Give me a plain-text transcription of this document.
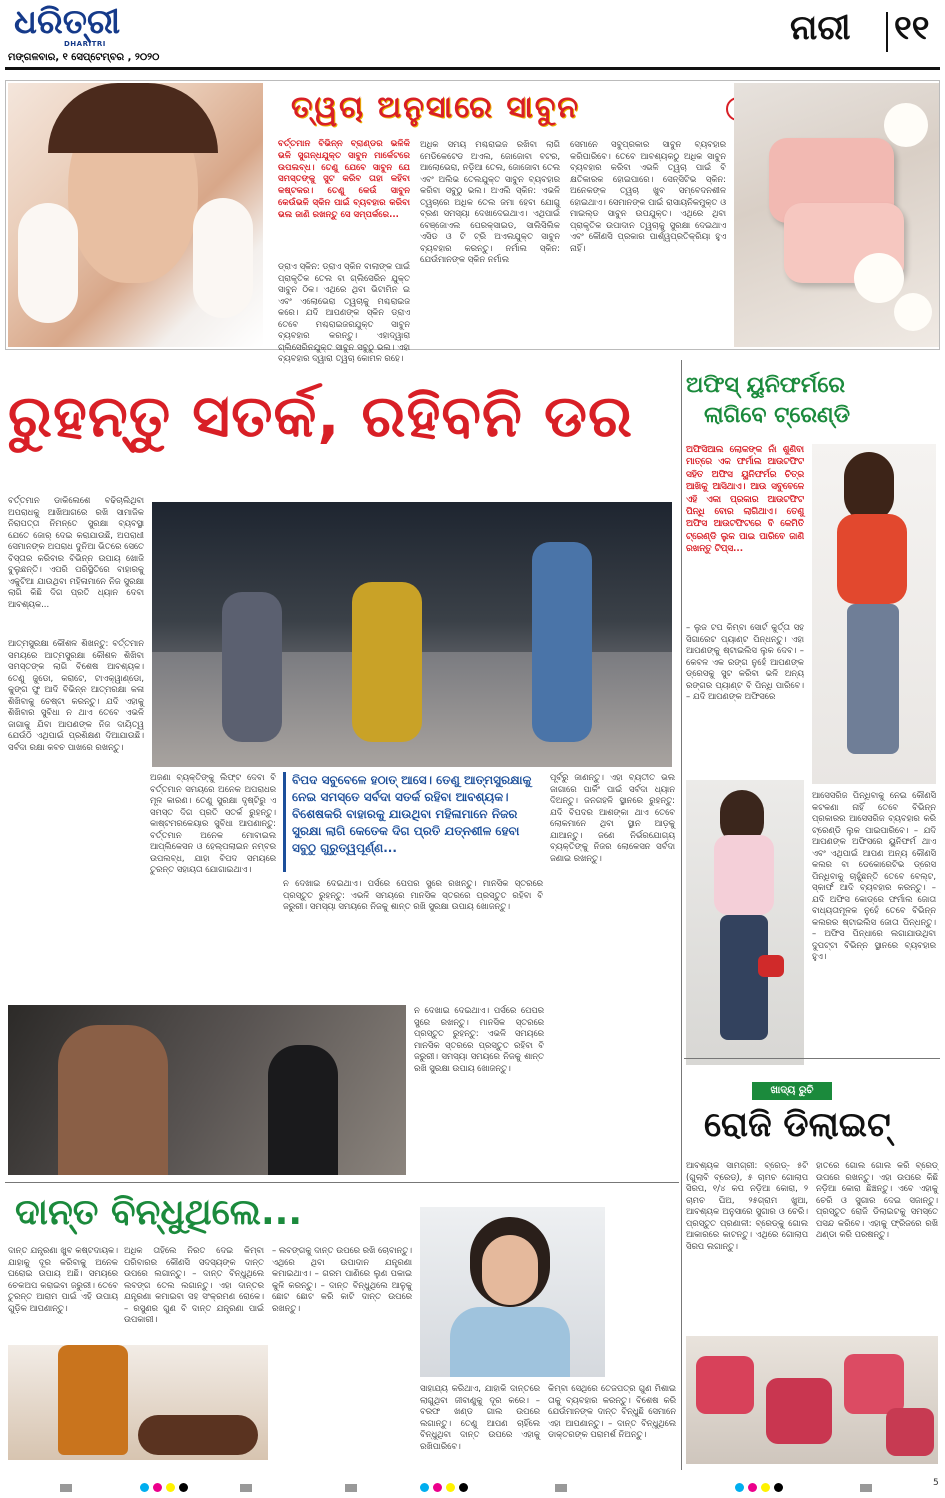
ଧରିତ୍ରୀ
DHARITRI
ମଙ୍ଗଳବାର, ୧ ସେପ୍ଟେମ୍ବର , ୨୦୨୦
ନାରୀ ୧୧
ତ୍ୱଚା ଅନୁସାରେ ସାବୁନ
ବର୍ତ୍ତମାନ ବିଭିନ୍ନ ବ୍ରାଣ୍ଡର ଭଳିକି ଭଳି ସୁଗନ୍ଧଯୁକ୍ତ ସାବୁନ ମାର୍କେଟରେ ଉପଲବ୍ଧ। ତେଣୁ ଯେବେ ସାବୁନ ଯେ ସମସ୍ତଙ୍କୁ ସୁଟ କରିବ ତାହା କହିବା କଷ୍ଟକର। ତେଣୁ କେଉଁ ସାବୁନ କେଉଁଭଳି ସ୍କିନ ପାଇଁ ବ୍ୟବହାର କରିବା ଭଲ ଜାଣି ରଖନ୍ତୁ ସେ ସମ୍ପର୍କରେ...
ଡ୍ରାଏ ସ୍କିନ: ଡ୍ରାଏ ସ୍କିନ ବାଲାଙ୍କ ପାଇଁ ପ୍ରାକୃତିକ ତେଲ ବା ଗ୍ଲିସେରିନ ଯୁକ୍ତ ସାବୁନ ଠିକ। ଏଥିରେ ଥିବା ଭିଟାମିନ ଇ ଏବଂ ଏଲୋଭେରା ତ୍ୱଚାକୁ ମଶ୍ଚରାଇଜ କରେ। ଯଦି ଆପଣଙ୍କ ସ୍କିନ ଡ୍ରାଏ ତେବେ ମଶ୍ଚରାଇଜରଯୁକ୍ତ ସାବୁନ ବ୍ୟବହାର କରନ୍ତୁ। ଏହାଦ୍ୱାରା ଗ୍ଲିସେରିନଯୁକ୍ତ ସାବୁନ ସବୁଠୁ ଭଲ। ଏହା ବ୍ୟବହାର ଦ୍ୱାରା ତ୍ୱଚା କୋମଳ ରହେ।
ଅଧିକ ସମୟ ମଶ୍ଚରାଇଜ ରଖିବା ଲାଗି ମେଡିକେଟେଡ ଅଏଲ, ଜୋଜୋବା ବଟର, ଆଲୋଭେରା, ନଡ଼ିଆ ତେଲ, ଜୋଜୋବା ତେଲ ଏବଂ ଅଲିଭ ତେଲଯୁକ୍ତ ସାବୁନ ବ୍ୟବହାର କରିବା ସବୁଠୁ ଭଲ। ଅଏଲି ସ୍କିନ: ଏଭଳି ତ୍ୱଚାରେ ଅଧିକ ତେଲ ଜମା ହେବା ଯୋଗୁ ବ୍ରଣ ସମସ୍ୟା ଦେଖାଦେଇଥାଏ। ଏଥିପାଇଁ ବେଞ୍ଜୋଏଲ ପେରକ୍ସାଇଡ, ସାଲିସିଲିକ ଏସିଡ ଓ ଟି ଟ୍ରି ଅଏଲଯୁକ୍ତ ସାବୁନ ବ୍ୟବହାର କରନ୍ତୁ। ନର୍ମାଲ ସ୍କିନ: ଯେଉଁମାନଙ୍କ ସ୍କିନ ନର୍ମାଲ
ସେମାନେ ସବୁପ୍ରକାର ସାବୁନ ବ୍ୟବହାର କରିପାରିବେ। ତେବେ ଆବଶ୍ୟକଠୁ ଅଧିକ ସାବୁନ ବ୍ୟବହାର କରିବା ଏଭଳି ତ୍ୱଚା ପାଇଁ ବି କ୍ଷତିକାରକ ହୋଇପାରେ। ସେନ୍ସିଟିଭ ସ୍କିନ: ଅନେକଙ୍କ ତ୍ୱଚା ଖୁବ ସମ୍ବେଦନଶୀଳ ହୋଇଥାଏ। ସେମାନଙ୍କ ପାଇଁ ରାସାୟନିକମୁକ୍ତ ଓ ମାଇଲ୍ଡ ସାବୁନ ଉପଯୁକ୍ତ। ଏଥିରେ ଥିବା ପ୍ରାକୃତିକ ଉପାଦାନ ତ୍ୱଚାକୁ ସୁରକ୍ଷା ଦେଇଥାଏ ଏବଂ କୌଣସି ପ୍ରକାର ପାର୍ଶ୍ୱପ୍ରତିକ୍ରିୟା ହୁଏ ନାହିଁ।
ରୁହନ୍ତୁ ସତର୍କ, ରହିବନି ଡର
ବର୍ତ୍ତମାନ ଡାକିଲେଶେ ବଢିଚାଲିଥିବା ଅପରାଧକୁ ଆଖିଆଗରେ ରଖି ସାମାଜିକ ନିରାପତ୍ତା ନିମନ୍ତେ ସୁରକ୍ଷା ବ୍ୟବସ୍ଥା ଯେତେ ଜୋର୍ ଦେଇ କରାଯାଉଛି, ଅପରାଧୀ ସେମାନଙ୍କ ଅପରାଧ ଦୁନିଆ ଭିତରେ ସେତେ ବିସ୍ତାର କରିବାର ବିଭିନ୍ନ ଉପାୟ ଖୋଜି ବୁଲୁଛନ୍ତି। ଏପରି ପରିସ୍ଥିତିରେ ବାହାରକୁ ଏକୁଟିଆ ଯାଉଥିବା ମହିଳାମାନେ ନିଜ ସୁରକ୍ଷା ଲାଗି କିଛି ଦିଗ ପ୍ରତି ଧ୍ୟାନ ଦେବା ଆବଶ୍ୟକ...
ଆତ୍ମସୁରକ୍ଷା କୌଶଳ ଶିଖନ୍ତୁ: ବର୍ତ୍ତମାନ ସମୟରେ ଆତ୍ମସୁରକ୍ଷା କୌଶଳ ଶିଖିବା ସମସ୍ତଙ୍କ ଲାଗି ବିଶେଷ ଆବଶ୍ୟକ। ତେଣୁ ଜୁଡୋ, କରାଟେ, ଟାଏକ୍ୱାଣ୍ଡୋ, କୁଙ୍ଗ ଫୁ ଆଦି ବିଭିନ୍ନ ଆତ୍ମରକ୍ଷା କଳା ଶିଖିବାକୁ ଚେଷ୍ଟା କରନ୍ତୁ। ଯଦି ଏହାକୁ ଶିଖିବାର ସୁବିଧା ନ ଥାଏ ତେବେ ଏଭଳି ଜାଗାକୁ ଯିବା ଆପଣଙ୍କ ନିଜ ଦାୟିତ୍ୱ ଯେଉଁଠି ଏଥିପାଇଁ ପ୍ରଶିକ୍ଷଣ ଦିଆଯାଉଛି। ସର୍ବଦା ରକ୍ଷା କବଚ ପାଖରେ ରଖନ୍ତୁ।
ବିପଦ ସବୁବେଳେ ହଠାତ୍ ଆସେ। ତେଣୁ ଆତ୍ମସୁରକ୍ଷାକୁ ନେଇ ସମସ୍ତେ ସର୍ବଦା ସତର୍କ ରହିବା ଆବଶ୍ୟକ। ବିଶେଷକରି ବାହାରକୁ ଯାଉଥିବା ମହିଳାମାନେ ନିଜର ସୁରକ୍ଷା ଲାଗି କେତେକ ଦିଗ ପ୍ରତି ଯତ୍ନଶୀଳ ହେବା ସବୁଠୁ ଗୁରୁତ୍ୱପୂର୍ଣ୍ଣ...
ଅଜଣା ବ୍ୟକ୍ତିଙ୍କୁ ଲିଫ୍ଟ ଦେବା ବି ବର୍ତ୍ତମାନ ସମୟରେ ଅନେକ ଅପରାଧର ମୂଳ କାରଣ। ତେଣୁ ସୁରକ୍ଷା ଦୃଷ୍ଟିରୁ ଏ ସମସ୍ତ ଦିଗ ପ୍ରତି ସତର୍କ ରୁହନ୍ତୁ। କାଷ୍ଟମରକେୟାର ସୁବିଧା ଆପଣାନ୍ତୁ: ବର୍ତ୍ତମାନ ଅନେକ ମୋବାଇଲ ଆପ୍ଲିକେସନ ଓ ହେଲ୍ପଲାଇନ ନମ୍ବର ଉପଲବ୍ଧ, ଯାହା ବିପଦ ସମୟରେ ତୁରନ୍ତ ସହାୟତା ଯୋଗାଇଥାଏ।
ନ ଦେଖାଇ ଦେଇଥାଏ। ପର୍ସରେ ପେପର ସ୍ପ୍ରେ ରଖନ୍ତୁ। ମାନସିକ ସ୍ତରରେ ପ୍ରସ୍ତୁତ ରୁହନ୍ତୁ: ଏଭଳି ସମୟରେ ମାନସିକ ସ୍ତରରେ ପ୍ରସ୍ତୁତ ରହିବା ବି ଜରୁରୀ। ସମସ୍ୟା ସମୟରେ ନିଜକୁ ଶାନ୍ତ ରଖି ସୁରକ୍ଷା ଉପାୟ ଖୋଜନ୍ତୁ।
ପୂର୍ବରୁ ଜାଣନ୍ତୁ। ଏହା ବ୍ୟତୀତ ଭଲ ଜାଗାରେ ପାର୍କିଂ ପାଇଁ ସର୍ବଦା ଧ୍ୟାନ ଦିଅନ୍ତୁ। ଜନଗହଳି ସ୍ଥାନରେ ରୁହନ୍ତୁ: ଯଦି ବିପଦର ଆଶଙ୍କା ଥାଏ ତେବେ ଲୋକମାନେ ଥିବା ସ୍ଥାନ ଆଡ଼କୁ ଯାଆନ୍ତୁ। ଜଣେ ନିର୍ଭରଯୋଗ୍ୟ ବ୍ୟକ୍ତିଙ୍କୁ ନିଜର ଲୋକେସନ ସର୍ବଦା ଜଣାଇ ରଖନ୍ତୁ।
ନ ଦେଖାଇ ଦେଇଥାଏ। ପର୍ସରେ ପେପର ସ୍ପ୍ରେ ରଖନ୍ତୁ। ମାନସିକ ସ୍ତରରେ ପ୍ରସ୍ତୁତ ରୁହନ୍ତୁ: ଏଭଳି ସମୟରେ ମାନସିକ ସ୍ତରରେ ପ୍ରସ୍ତୁତ ରହିବା ବି ଜରୁରୀ। ସମସ୍ୟା ସମୟରେ ନିଜକୁ ଶାନ୍ତ ରଖି ସୁରକ୍ଷା ଉପାୟ ଖୋଜନ୍ତୁ।
ଅଫିସ୍ ୟୁନିଫର୍ମରେ
ଲାଗିବେ ଟ୍ରେଣ୍ଡି
ଅଫିସିଆଲ ଲୋକଙ୍କ ନାଁ ଶୁଣିବା ମାତ୍ରେ ଏକ ଫର୍ମାଲ ଆଉଟଫିଟ ସହିତ ଅଫିସ ୟୁନିଫର୍ମର ଚିତ୍ର ଆଖିକୁ ଆସିଥାଏ। ଆଉ ସବୁବେଳେ ଏହି ଏକା ପ୍ରକାର ଆଉଟଫିଟ ପିନ୍ଧି ବୋର ଲାଗିଥାଏ। ତେଣୁ ଅଫିସ ଆଉଟଫିଟରେ ବି କେମିତି ଟ୍ରେଣ୍ଡି ଲୁକ ପାଇ ପାରିବେ ଜାଣି ରଖନ୍ତୁ ଟିପ୍ସ...
– ଲୁଜ ଟପ କିମ୍ବା ସୋର୍ଟ କୁର୍ତ୍ତା ସହ ସିଗାରେଟ ପ୍ୟାଣ୍ଟ ପିନ୍ଧନ୍ତୁ। ଏହା ଆପଣଙ୍କୁ ଷ୍ଟାଇଲିସ ଲୁକ ଦେବ। – କେବଳ ଏକ ରଙ୍ଗ ନୁହେଁ ଆପଣଙ୍କ ଡ୍ରେସକୁ ସୁଟ କରିବା ଭଳି ଅନ୍ୟ ରଙ୍ଗର ପ୍ୟାଣ୍ଟ ବି ପିନ୍ଧି ପାରିବେ। – ଯଦି ଆପଣଙ୍କ ଅଫିସରେ
ଆସେସରିଜ ପିନ୍ଧିବାକୁ ନେଇ କୌଣସି କଟକଣା ନାହିଁ ତେବେ ବିଭିନ୍ନ ପ୍ରକାରର ଆସେସରିଜ ବ୍ୟବହାର କରି ଟ୍ରେଣ୍ଡି ଲୁକ ପାଇପାରିବେ। – ଯଦି ଆପଣଙ୍କ ଅଫିସରେ ୟୁନିଫର୍ମ ଥାଏ ଏବଂ ଏଥିପାଇଁ ଆପଣ ଅନ୍ୟ କୌଣସି କଲର ବା ଡେକୋରେଟିଭ ଡ୍ରେସ ପିନ୍ଧିବାକୁ ଚାହୁଁଛନ୍ତି ତେବେ ବେଲ୍ଟ, ସ୍କାର୍ଫ ଆଦି ବ୍ୟବହାର କରନ୍ତୁ। – ଯଦି ଅଫିସ କୋଡ୍ରେ ଫର୍ମାଲ ଜୋତା ବାଧ୍ୟତାମୂଳକ ନୁହେଁ ତେବେ ବିଭିନ୍ନ କଲରର ଷ୍ଟାଇଲିସ ଜୋତା ପିନ୍ଧନ୍ତୁ। – ଅଫିସ ପିନ୍ଧାରେ ଲଗାଯାଉଥିବା ଦୁପଟ୍ଟା ବିଭିନ୍ନ ସ୍ଥାନରେ ବ୍ୟବହାର ହୁଏ।
ଖାଦ୍ୟ ରୁଚି
ରୋଜି ଡିଲାଇଟ୍
ଆବଶ୍ୟକ ସାମଗ୍ରୀ: ବ୍ରେଡ୍- ୫ଟି (ଗୁଲାବି ବ୍ରେଡ୍), ୫ ଚାମଚ ଗୋଲାପ ସିରପ, ୧/୪ କପ ନଡ଼ିଆ କୋରା, ୨ ଚାମଚ ଘିଅ, ୨୫ଗ୍ରାମ ଖୁଆ, ଆବଶ୍ୟକ ଅନୁସାରେ ସୁଗାର ଓ ଚେରି। ପ୍ରସ୍ତୁତ ପ୍ରଣାଳୀ: ବ୍ରେଡ୍କୁ ଗୋଲ ଆକାରରେ କାଟନ୍ତୁ। ଏଥିରେ ଗୋଲାପ ସିରପ ଲଗାନ୍ତୁ।
ହାତରେ ଗୋଲ ଗୋଲ କରି ବ୍ରେଡ୍ ଉପରେ ରଖନ୍ତୁ। ଏହା ଉପରେ କିଛି ନଡ଼ିଆ କୋରା ଛିଞ୍ଚନ୍ତୁ। ଏବେ ଏହାକୁ ଚେରି ଓ ସୁଗାର ଦେଇ ସଜାନ୍ତୁ। ପ୍ରସ୍ତୁତ ରୋଜି ଡିଲାଇଟକୁ ସମସ୍ତେ ପସନ୍ଦ କରିବେ। ଏହାକୁ ଫ୍ରିଜରେ ରଖି ଥଣ୍ଡା କରି ପରଷନ୍ତୁ।
ଦାନ୍ତ ବିନ୍ଧୁଥିଲେ...
ଦାନ୍ତ ଯନ୍ତ୍ରଣା ଖୁବ କଷ୍ଟଦାୟକ। ଯାହାକୁ ଦୂର କରିବାକୁ ଅନେକ ଘରୋଇ ଉପାୟ ଅଛି। ସମୟରେ ଚେକଅପ କରାଇବା ଜରୁରୀ। ତେବେ ତୁରନ୍ତ ଆରାମ ପାଇଁ ଏହି ଉପାୟ ଗୁଡ଼ିକ ଆପଣାନ୍ତୁ।
ଅଧିକ ତାହିଲେ ନିରତ ଦେଇ କିମ୍ବା ପରିବାରର କୌଣସି ସଦସ୍ୟଙ୍କ ଦାନ୍ତ ଉପରେ ଲଗାନ୍ତୁ। – ଦାନ୍ତ ବିନ୍ଧୁଥିଲେ ଲବଙ୍ଗ ତେଲ ଲଗାନ୍ତୁ। ଏହା ଦାନ୍ତର ଯନ୍ତ୍ରଣା କମାଇବା ସହ ସଂକ୍ରମଣ ରୋକେ। – ରସୁଣର ଗୁଣ ବି ଦାନ୍ତ ଯନ୍ତ୍ରଣା ପାଇଁ ଉପକାରୀ।
– ଲବଙ୍ଗକୁ ଦାନ୍ତ ଉପରେ ରଖି ଚୋବାନ୍ତୁ। ଏଥିରେ ଥିବା ଉପାଦାନ ଯନ୍ତ୍ରଣା କମାଇଥାଏ। – ଗରମ ପାଣିରେ ଲୁଣ ପକାଇ କୁଳି କରନ୍ତୁ। – ଦାନ୍ତ ବିନ୍ଧୁଥିଲେ ଆଳୁକୁ ଛୋଟ ଛୋଟ କରି କାଟି ଦାନ୍ତ ଉପରେ ରଖନ୍ତୁ।
ସାହାଯ୍ୟ କରିଥାଏ, ଯାହାକି ଦାନ୍ତରେ ଲାଗୁଥିବା ଜୀବାଣୁକୁ ଦୂର କରେ। – ବରଫ ଖଣ୍ଡ ଗାଲ ଉପରେ ଲଗାନ୍ତୁ। ତେଣୁ ଆପଣ ଚାହିଁଲେ ବିନ୍ଧୁଥିବା ଦାନ୍ତ ଉପରେ ଏହାକୁ ରଖିପାରିବେ।
କିମ୍ବା ସେଥିରେ ତେଜପତ୍ର ଗୁଣ ମିଶାଇ ତାକୁ ବ୍ୟବହାର କରନ୍ତୁ। ବିଶେଷ କରି ଯେଉଁମାନଙ୍କ ଦାନ୍ତ ବିନ୍ଧୁଛି ସେମାନେ ଏହା ଆପଣାନ୍ତୁ। – ଦାନ୍ତ ବିନ୍ଧୁଥିଲେ ଡାକ୍ତରଙ୍କ ପରାମର୍ଶ ନିଅନ୍ତୁ।
5
